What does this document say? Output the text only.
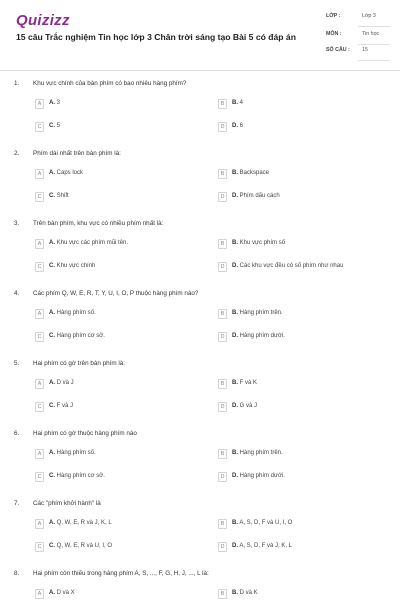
Quizizz
15 câu Trắc nghiệm Tin học lớp 3 Chân trời sáng tạo Bài 5 có đáp án
LỚP :	Lớp 3
MÔN :	Tin học
SỐ CÂU : 15
1. Khu vực chính của bàn phím có bao nhiêu hàng phím?
A	A. 3	B	B. 4
C	C. 5	D	D. 6
2. Phím dài nhất trên bàn phím là:
A	A. Caps lock	B	B. Backspace
C	C. Shift	D	D. Phím dấu cách
3. Trên bàn phím, khu vực có nhiều phím nhất là:
A	A. Khu vực các phím mũi tên.	B	B. Khu vực phím số
C	C. Khu vực chính	D	D. Các khu vực đều có số phím như nhau
4. Các phím Q, W, E, R, T, Y, U, I, O, P thuộc hàng phím nào?
A	A. Hàng phím số.	B	B. Hàng phím trên.
C	C. Hàng phím cơ sở.	D	D. Hàng phím dưới.
5. Hai phím có gờ trên bàn phím là:
A	A. D và J	B	B. F và K
C	C. F và J	D	D. G và J
6. Hai phím có gờ thuộc hàng phím nào
A	A. Hàng phím số.	B	B. Hàng phím trên.
C	C. Hàng phím cơ sở.	D	D. Hàng phím dưới.
7. Các "phím khởi hành" là
A	A. Q, W, E, R và J, K, L	B	B. A, S, D, F và U, I, O
C	C. Q, W, E, R và U, I, O	D	D. A, S, D, F và J, K, L
8. Hai phím còn thiếu trong hàng phím A, S, ..., F, G, H, J, ..., L là:
A	A. D và X	B	B. D và K
